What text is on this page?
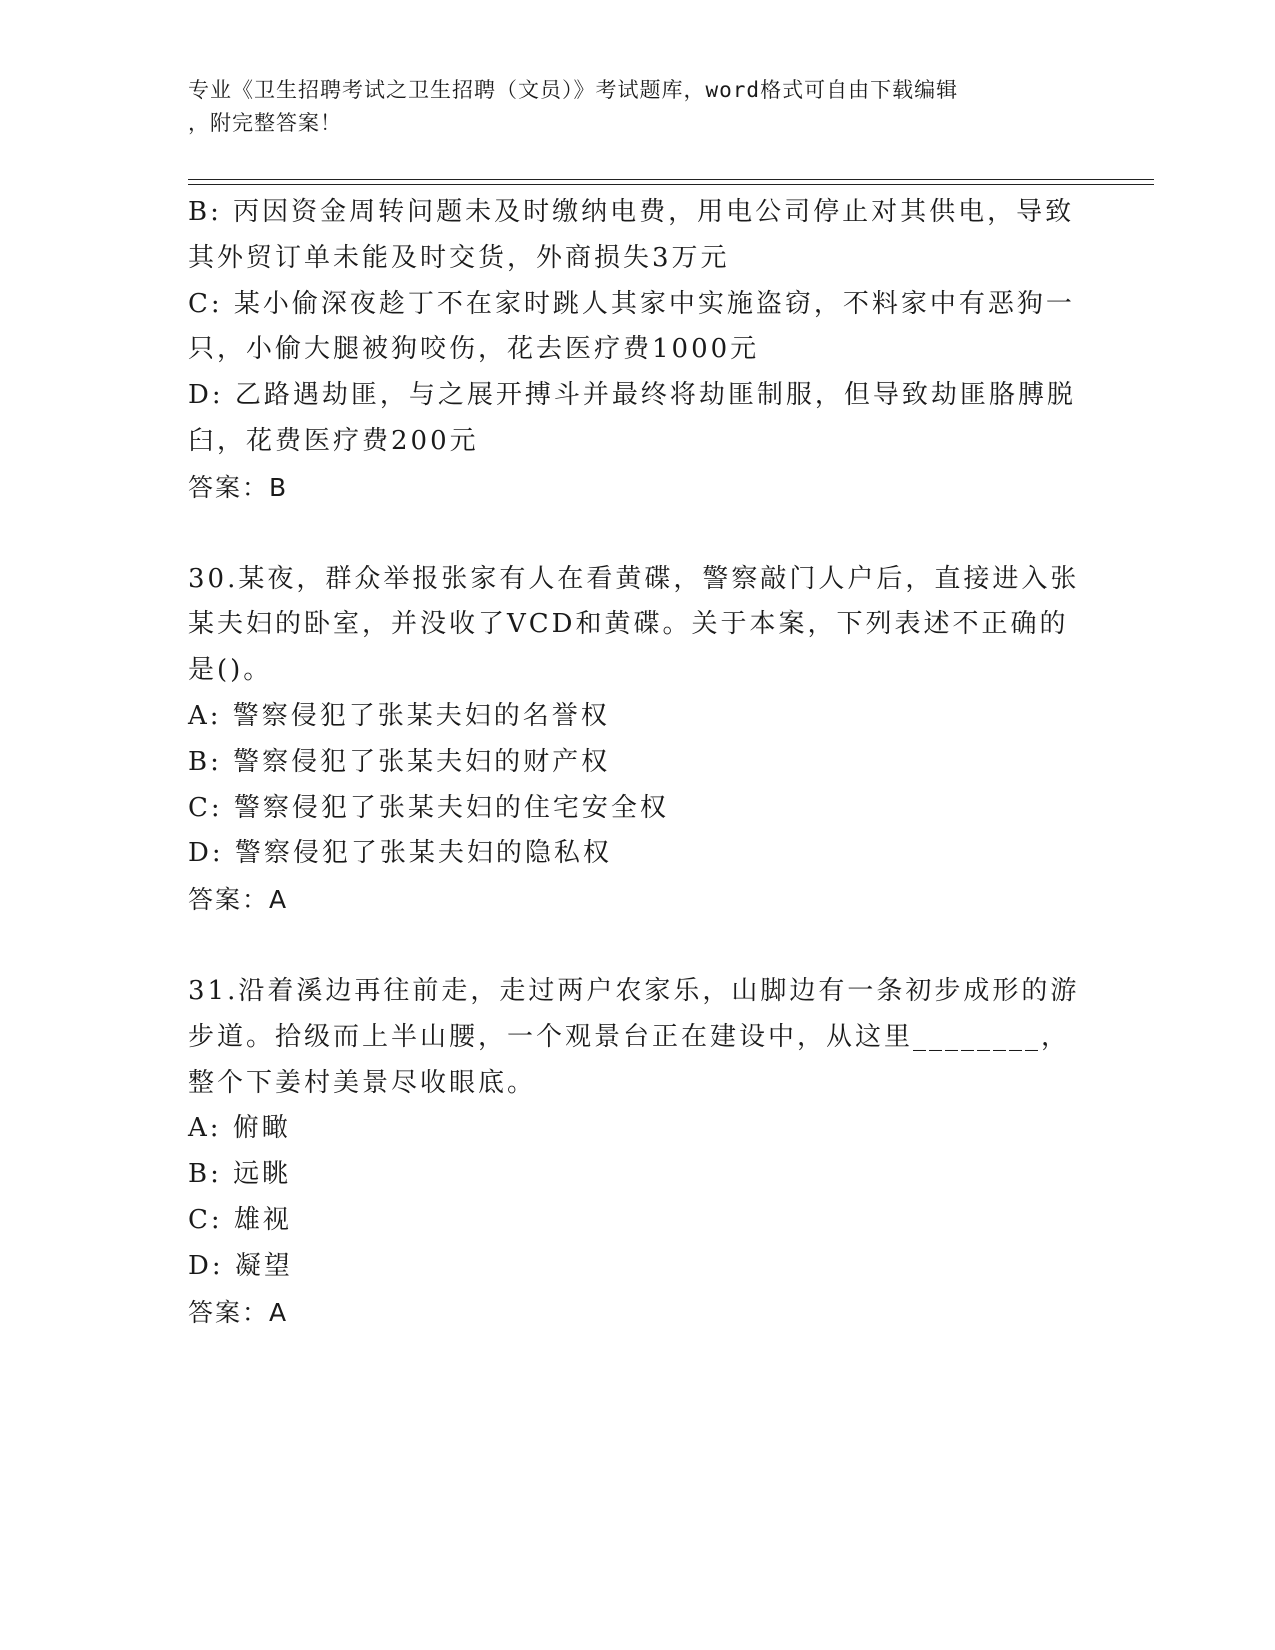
专业《卫生招聘考试之卫生招聘（文员）》考试题库，word格式可自由下载编辑
，附完整答案！
B: 丙因资金周转问题未及时缴纳电费，用电公司停止对其供电，导致
其外贸订单未能及时交货，外商损失3万元
C: 某小偷深夜趁丁不在家时跳人其家中实施盗窃，不料家中有恶狗一
只，小偷大腿被狗咬伤，花去医疗费1000元
D: 乙路遇劫匪，与之展开搏斗并最终将劫匪制服，但导致劫匪胳膊脱
臼，花费医疗费200元
答案：B
30.某夜，群众举报张家有人在看黄碟，警察敲门人户后，直接进入张
某夫妇的卧室，并没收了VCD和黄碟。关于本案，下列表述不正确的
是()。
A: 警察侵犯了张某夫妇的名誉权
B: 警察侵犯了张某夫妇的财产权
C: 警察侵犯了张某夫妇的住宅安全权
D: 警察侵犯了张某夫妇的隐私权
答案：A
31.沿着溪边再往前走，走过两户农家乐，山脚边有一条初步成形的游
步道。拾级而上半山腰，一个观景台正在建设中，从这里________，
整个下姜村美景尽收眼底。
A: 俯瞰
B: 远眺
C: 雄视
D: 凝望
答案：A
